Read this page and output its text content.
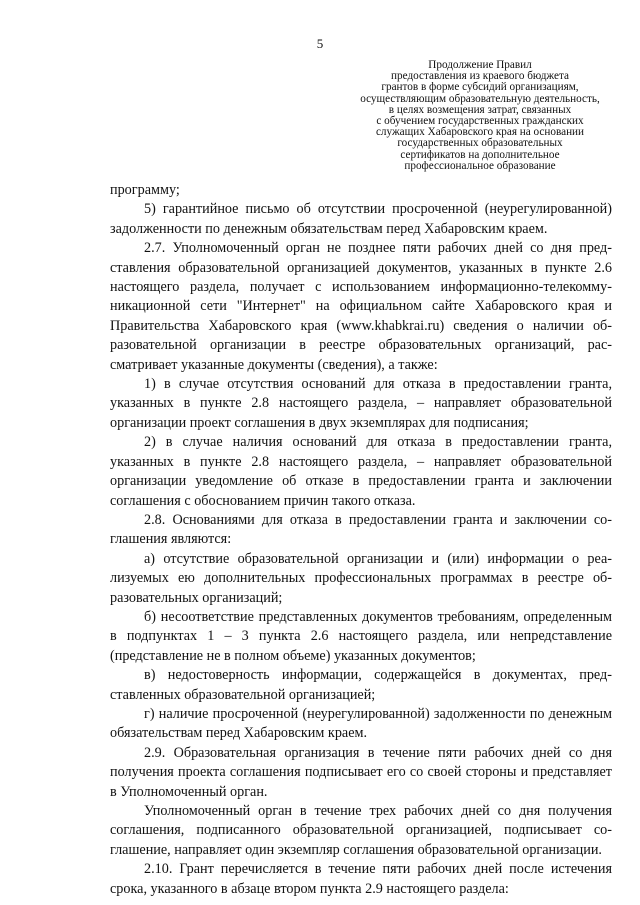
5
Продолжение Правил
предоставления из краевого бюджета
грантов в форме субсидий организациям,
осуществляющим образовательную деятельность,
в целях возмещения затрат, связанных
с обучением государственных гражданских
служащих Хабаровского края на основании
государственных образовательных
сертификатов на дополнительное
профессиональное образование

программу;

5) гарантийное письмо об отсутствии просроченной (неурегулированной) задолженности по денежным обязательствам перед Хабаровским краем.

2.7. Уполномоченный орган не позднее пяти рабочих дней со дня представления образовательной организацией документов, указанных в пункте 2.6 настоящего раздела, получает с использованием информационно-телекоммуникационной сети "Интернет" на официальном сайте Хабаровского края и Правительства Хабаровского края (www.khabkrai.ru) сведения о наличии образовательной организации в реестре образовательных организаций, рассматривает указанные документы (сведения), а также:

1) в случае отсутствия оснований для отказа в предоставлении гранта, указанных в пункте 2.8 настоящего раздела, – направляет образовательной организации проект соглашения в двух экземплярах для подписания;

2) в случае наличия оснований для отказа в предоставлении гранта, указанных в пункте 2.8 настоящего раздела, – направляет образовательной организации уведомление об отказе в предоставлении гранта и заключении соглашения с обоснованием причин такого отказа.

2.8. Основаниями для отказа в предоставлении гранта и заключении соглашения являются:

а) отсутствие образовательной организации и (или) информации о реализуемых ею дополнительных профессиональных программах в реестре образовательных организаций;

б) несоответствие представленных документов требованиям, определенным в подпунктах 1 – 3 пункта 2.6 настоящего раздела, или непредставление (представление не в полном объеме) указанных документов;

в) недостоверность информации, содержащейся в документах, представленных образовательной организацией;

г) наличие просроченной (неурегулированной) задолженности по денежным обязательствам перед Хабаровским краем.

2.9. Образовательная организация в течение пяти рабочих дней со дня получения проекта соглашения подписывает его со своей стороны и представляет в Уполномоченный орган.

Уполномоченный орган в течение трех рабочих дней со дня получения соглашения, подписанного образовательной организацией, подписывает соглашение, направляет один экземпляр соглашения образовательной организации.

2.10. Грант перечисляется в течение пяти рабочих дней после истечения срока, указанного в абзаце втором пункта 2.9 настоящего раздела:
